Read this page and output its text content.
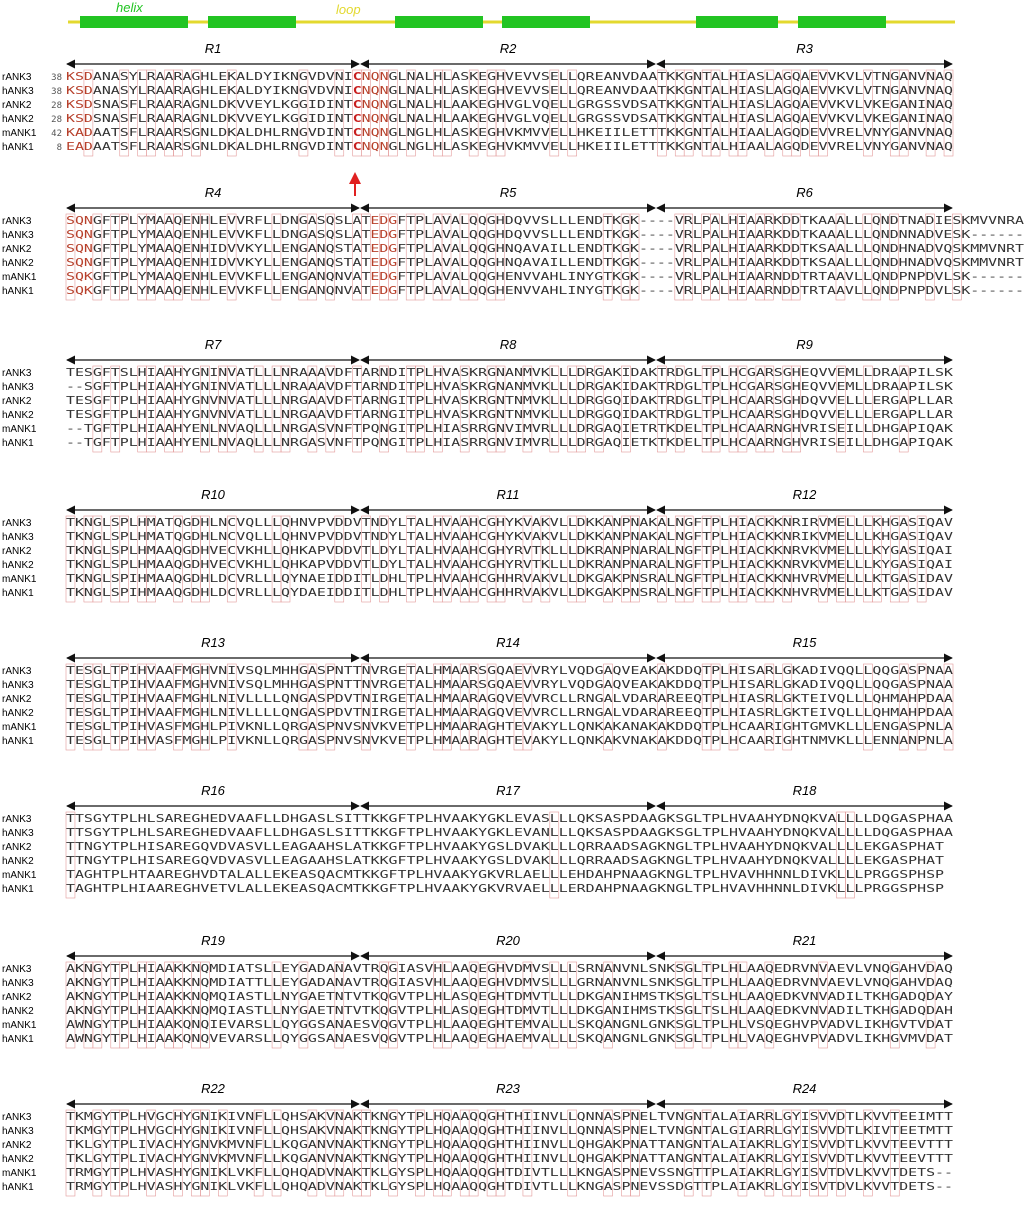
helix	loop
R1	R2	R3
rANK3 38 KSD ANASYLRAARAGHLEKALDYIKNGVDVNI	C NQN GLNALHLASKEGHVEVVSELLQREANVDAATKKGNTALHIASLAGQAEVVKVLVTNGANVNAQ
hANK3 38 KSD ANASYLRAARAGHLEKALDYIKNGVDVNI	C NQN GLNALHLASKEGHVEVVSELLQREANVDAATKKGNTALHIASLAGQAEVVKVLVTNGANVNAQ
rANK2 28 KSD SNASFLRAARAGNLDKVVEYLKGGIDINT	C NQN GLNALHLAAKEGHVGLVQELLGRGSSVDSATKKGNTALHIASLAGQAEVVKVLVKEGANINAQ
hANK2 28 KSD SNASFLRAARAGNLDKVVEYLKGGIDINT	C NQN GLNALHLAAKEGHVGLVQELLGRGSSVDSATKKGNTALHIASLAGQAEVVKVLVKEGANINAQ
mANK1 42 KAD AATSFLRAARSGNLDKALDHLRNGVDINT	C NQN GLNGLHLASKEGHVKMVVELLHKEIILETTTKKGNTALHIAALAGQDEVVRELVNYGANVNAQ
hANK1	8 EAD AATSFLRAARSGNLDKALDHLRNGVDINT	C NQN GLNGLHLASKEGHVKMVVELLHKEIILETTTKKGNTALHIAALAGQDEVVRELVNYGANVNAQ
R4	R5	R6
rANK3	SQN GFTPLYMAAQENHLEVVRFLLDNGASQSLAT	EDG FTPLAVALQQGHDQVVSLLLENDTKGK----VRLPALHIAARKDDTKAAALLLQNDTNADIESKMVVNRA
hANK3	SQN GFTPLYMAAQENHLEVVKFLLDNGASQSLAT	EDG FTPLAVALQQGHDQVVSLLLENDTKGK----VRLPALHIAARKDDTKAAALLLQNDNNADVESK------
rANK2	SQN GFTPLYMAAQENHIDVVKYLLENGANQSTAT	EDG FTPLAVALQQGHNQAVAILLENDTKGK----VRLPALHIAARKDDTKSAALLLQNDHNADVQSKMMVNRT
hANK2	SQN GFTPLYMAAQENHIDVVKYLLENGANQSTAT	EDG FTPLAVALQQGHNQAVAILLENDTKGK----VRLPALHIAARKDDTKSAALLLQNDHNADVQSKMMVNRT
mANK1	SQK GFTPLYMAAQENHLEVVKFLLENGANQNVAT	EDG FTPLAVALQQGHENVVAHLINYGTKGK----VRLPALHIAARNDDTRTAAVLLQNDPNPDVLSK------
hANK1	SQK GFTPLYMAAQENHLEVVKFLLENGANQNVAT	EDG FTPLAVALQQGHENVVAHLINYGTKGK----VRLPALHIAARNDDTRTAAVLLQNDPNPDVLSK------
R7	R8	R9
rANK3	TESGFTSLHIAAHYGNINVATLLLNRAAAVDFTARNDITPLHVASKRGNANMVKLLLDRGAKIDAKTRDGLTPLHCGARSGHEQVVEMLLDRAAPILSK
hANK3	--SGFTPLHIAAHYGNINVATLLLNRAAAVDFTARNDITPLHVASKRGNANMVKLLLDRGAKIDAKTRDGLTPLHCGARSGHEQVVEMLLDRAAPILSK
rANK2	TESGFTPLHIAAHYGNVNVATLLLNRGAAVDFTARNGITPLHVASKRGNTNMVKLLLDRGGQIDAKTRDGLTPLHCAARSGHDQVVELLLERGAPLLAR
hANK2	TESGFTPLHIAAHYGNVNVATLLLNRGAAVDFTARNGITPLHVASKRGNTNMVKLLLDRGGQIDAKTRDGLTPLHCAARSGHDQVVELLLERGAPLLAR
mANK1	--TGFTPLHIAAHYENLNVAQLLLNRGASVNFTPQNGITPLHIASRRGNVIMVRLLLDRGAQIETRTKDELTPLHCAARNGHVRISEILLDHGAPIQAK
hANK1	--TGFTPLHIAAHYENLNVAQLLLNRGASVNFTPQNGITPLHIASRRGNVIMVRLLLDRGAQIETKTKDELTPLHCAARNGHVRISEILLDHGAPIQAK
R10	R11	R12
rANK3	TKNGLSPLHMATQGDHLNCVQLLLQHNVPVDDVTNDYLTALHVAAHCGHYKVAKVLLDKKANPNAKALNGFTPLHIACKKNRIRVMELLLKHGASIQAV
hANK3	TKNGLSPLHMATQGDHLNCVQLLLQHNVPVDDVTNDYLTALHVAAHCGHYKVAKVLLDKKANPNAKALNGFTPLHIACKKNRIKVMELLLKHGASIQAV
rANK2	TKNGLSPLHMAAQGDHVECVKHLLQHKAPVDDVTLDYLTALHVAAHCGHYRVTKLLLDKRANPNARALNGFTPLHIACKKNRVKVMELLLKYGASIQAI
hANK2	TKNGLSPLHMAAQGDHVECVKHLLQHKAPVDDVTLDYLTALHVAAHCGHYRVTKLLLDKRANPNARALNGFTPLHIACKKNRVKVMELLLKYGASIQAI
mANK1	TKNGLSPIHMAAQGDHLDCVRLLLQYNAEIDDITLDHLTPLHVAAHCGHHRVAKVLLDKGAKPNSRALNGFTPLHIACKKNHVRVMELLLKTGASIDAV
hANK1	TKNGLSPIHMAAQGDHLDCVRLLLQYDAEIDDITLDHLTPLHVAAHCGHHRVAKVLLDKGAKPNSRALNGFTPLHIACKKNHVRVMELLLKTGASIDAV
R13	R14	R15
rANK3	TESGLTPIHVAAFMGHVNIVSQLMHHGASPNTTNVRGETALHMAARSGQAEVVRYLVQDGAQVEAKAKDDQTPLHISARLGKADIVQQLLQQGASPNAA
hANK3	TESGLTPIHVAAFMGHVNIVSQLMHHGASPNTTNVRGETALHMAARSGQAEVVRYLVQDGAQVEAKAKDDQTPLHISARLGKADIVQQLLQQGASPNAA
rANK2	TESGLTPIHVAAFMGHLNIVLLLLQNGASPDVTNIRGETALHMAARAGQVEVVRCLLRNGALVDARAREEQTPLHIASRLGKTEIVQLLLQHMAHPDAA
hANK2	TESGLTPIHVAAFMGHLNIVLLLLQNGASPDVTNIRGETALHMAARAGQVEVVRCLLRNGALVDARAREEQTPLHIASRLGKTEIVQLLLQHMAHPDAA
mANK1	TESGLTPIHVASFMGHLPIVKNLLQRGASPNVSNVKVETPLHMAARAGHTEVAKYLLQNKAKANAKAKDDQTPLHCAARIGHTGMVKLLLENGASPNLA
hANK1	TESGLTPIHVASFMGHLPIVKNLLQRGASPNVSNVKVETPLHMAARAGHTEVAKYLLQNKAKVNAKAKDDQTPLHCAARIGHTNMVKLLLENNANPNLA
R16	R17	R18
rANK3	TTSGYTPLHLSAREGHEDVAAFLLDHGASLSITTKKGFTPLHVAAKYGKLEVASLLLQKSASPDAAGKSGLTPLHVAAHYDNQKVALLLLDQGASPHAA
hANK3	TTSGYTPLHLSAREGHEDVAAFLLDHGASLSITTKKGFTPLHVAAKYGKLEVANLLLQKSASPDAAGKSGLTPLHVAAHYDNQKVALLLLDQGASPHAA
rANK2	TTNGYTPLHISAREGQVDVASVLLEAGAAHSLATKKGFTPLHVAAKYGSLDVAKLLLQRRAADSAGKNGLTPLHVAAHYDNQKVALLLLEKGASPHAT
hANK2	TTNGYTPLHISAREGQVDVASVLLEAGAAHSLATKKGFTPLHVAAKYGSLDVAKLLLQRRAADSAGKNGLTPLHVAAHYDNQKVALLLLEKGASPHAT
mANK1	TAGHTPLHTAAREGHVDTALALLEKEASQACMTKKGFTPLHVAAKYGKVRLAELLLEHDAHPNAAGKNGLTPLHVAVHHNNLDIVKLLLPRGGSPHSP
hANK1	TAGHTPLHIAAREGHVETVLALLEKEASQACMTKKGFTPLHVAAKYGKVRVAELLLERDAHPNAAGKNGLTPLHVAVHHNNLDIVKLLLPRGGSPHSP
R19	R20	R21
rANK3	AKNGYTPLHIAAKKNQMDIATSLLEYGADANAVTRQGIASVHLAAQEGHVDMVSLLLSRNANVNLSNKSGLTPLHLAAQEDRVNVAEVLVNQGAHVDAQ
hANK3	AKNGYTPLHIAAKKNQMDIATTLLEYGADANAVTRQGIASVHLAAQEGHVDMVSLLLGRNANVNLSNKSGLTPLHLAAQEDRVNVAEVLVNQGAHVDAQ
rANK2	AKNGYTPLHIAAKKNQMQIASTLLNYGAETNTVTKQGVTPLHLASQEGHTDMVTLLLDKGANIHMSTKSGLTSLHLAAQEDKVNVADILTKHGADQDAY
hANK2	AKNGYTPLHIAAKKNQMQIASTLLNYGAETNTVTKQGVTPLHLASQEGHTDMVTLLLDKGANIHMSTKSGLTSLHLAAQEDKVNVADILTKHGADQDAH
mANK1	AWNGYTPLHIAAKQNQIEVARSLLQYGGSANAESVQGVTPLHLAAQEGHTEMVALLLSKQANGNLGNKSGLTPLHLVSQEGHVPVADVLIKHGVTVDAT
hANK1	AWNGYTPLHIAAKQNQVEVARSLLQYGGSANAESVQGVTPLHLAAQEGHAEMVALLLSKQANGNLGNKSGLTPLHLVAQEGHVPVADVLIKHGVMVDAT
R22	R23	R24
rANK3	TKMGYTPLHVGCHYGNIKIVNFLLQHSAKVNAKTKNGYTPLHQAAQQGHTHIINVLLQNNASPNELTVNGNTALAIARRLGYISVVDTLKVVTEEIMTT
hANK3	TKMGYTPLHVGCHYGNIKIVNFLLQHSAKVNAKTKNGYTPLHQAAQQGHTHIINVLLQNNASPNELTVNGNTALGIARRLGYISVVDTLKIVTEETMTT
rANK2	TKLGYTPLIVACHYGNVKMVNFLLKQGANVNAKTKNGYTPLHQAAQQGHTHIINVLLQHGAKPNATTANGNTALAIAKRLGYISVVDTLKVVTEEVTTT
hANK2	TKLGYTPLIVACHYGNVKMVNFLLKQGANVNAKTKNGYTPLHQAAQQGHTHIINVLLQHGAKPNATTANGNTALAIAKRLGYISVVDTLKVVTEEVTTT
mANK1	TRMGYTPLHVASHYGNIKLVKFLLQHQADVNAKTKLGYSPLHQAAQQGHTDIVTLLLKNGASPNEVSSNGTTPLAIAKRLGYISVTDVLKVVTDETS--
hANK1	TRMGYTPLHVASHYGNIKLVKFLLQHQADVNAKTKLGYSPLHQAAQQGHTDIVTLLLKNGASPNEVSSDGTTPLAIAKRLGYISVTDVLKVVTDETS--
